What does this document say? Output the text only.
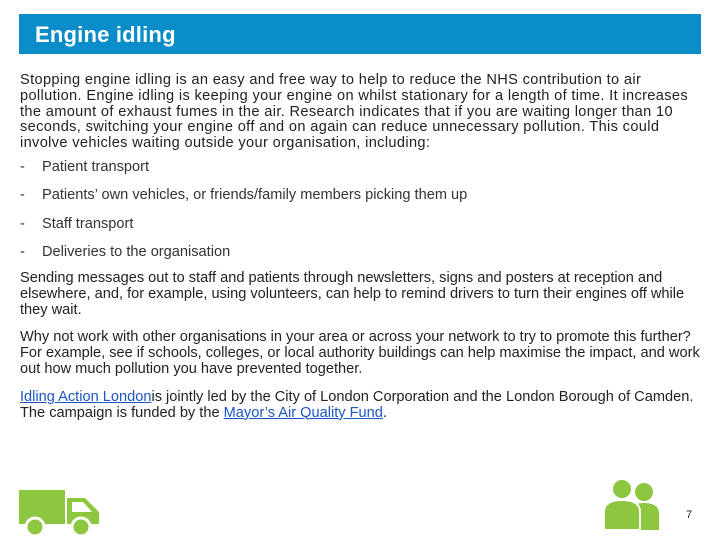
Engine idling

Stopping engine idling is an easy and free way to help to reduce the NHS contribution to air pollution. Engine idling is keeping your engine on whilst stationary for a length of time. It increases the amount of exhaust fumes in the air. Research indicates that if you are waiting longer than 10 seconds, switching your engine off and on again can reduce unnecessary pollution. This could involve vehicles waiting outside your organisation, including:

-	Patient transport
-	Patients’ own vehicles, or friends/family members picking them up
-	Staff transport
-	Deliveries to the organisation

Sending messages out to staff and patients through newsletters, signs and posters at reception and elsewhere, and, for example, using volunteers, can help to remind drivers to turn their engines off while they wait.

Why not work with other organisations in your area or across your network to try to promote this further? For example, see if schools, colleges, or local authority buildings can help maximise the impact, and work out how much pollution you have prevented together.

Idling Action Londonis jointly led by the City of London Corporation and the London Borough of Camden. The campaign is funded by the Mayor’s Air Quality Fund.

7
